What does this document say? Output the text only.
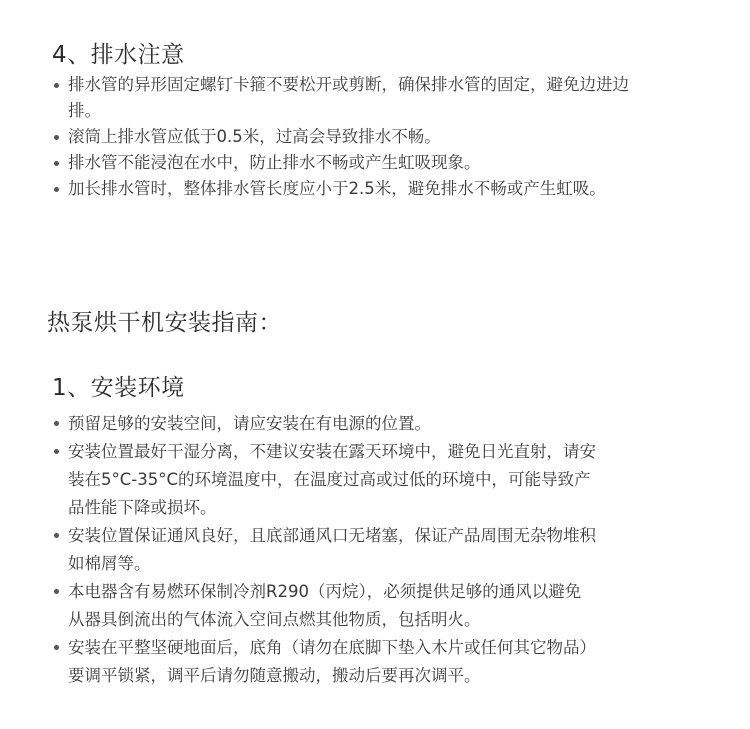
4、排水注意
排水管的异形固定螺钉卡箍不要松开或剪断，确保排水管的固定，避免边进边
排。
滚筒上排水管应低于0.5米，过高会导致排水不畅。
排水管不能浸泡在水中，防止排水不畅或产生虹吸现象。
加长排水管时，整体排水管长度应小于2.5米，避免排水不畅或产生虹吸。
热泵烘干机安装指南：
1、安装环境
预留足够的安装空间，请应安装在有电源的位置。
安装位置最好干湿分离，不建议安装在露天环境中，避免日光直射，请安
装在5°C-35°C的环境温度中，在温度过高或过低的环境中，可能导致产
品性能下降或损坏。
安装位置保证通风良好，且底部通风口无堵塞，保证产品周围无杂物堆积
如棉屑等。
本电器含有易燃环保制冷剂R290（丙烷），必须提供足够的通风以避免
从器具倒流出的气体流入空间点燃其他物质，包括明火。
安装在平整坚硬地面后，底角（请勿在底脚下垫入木片或任何其它物品）
要调平锁紧，调平后请勿随意搬动，搬动后要再次调平。
